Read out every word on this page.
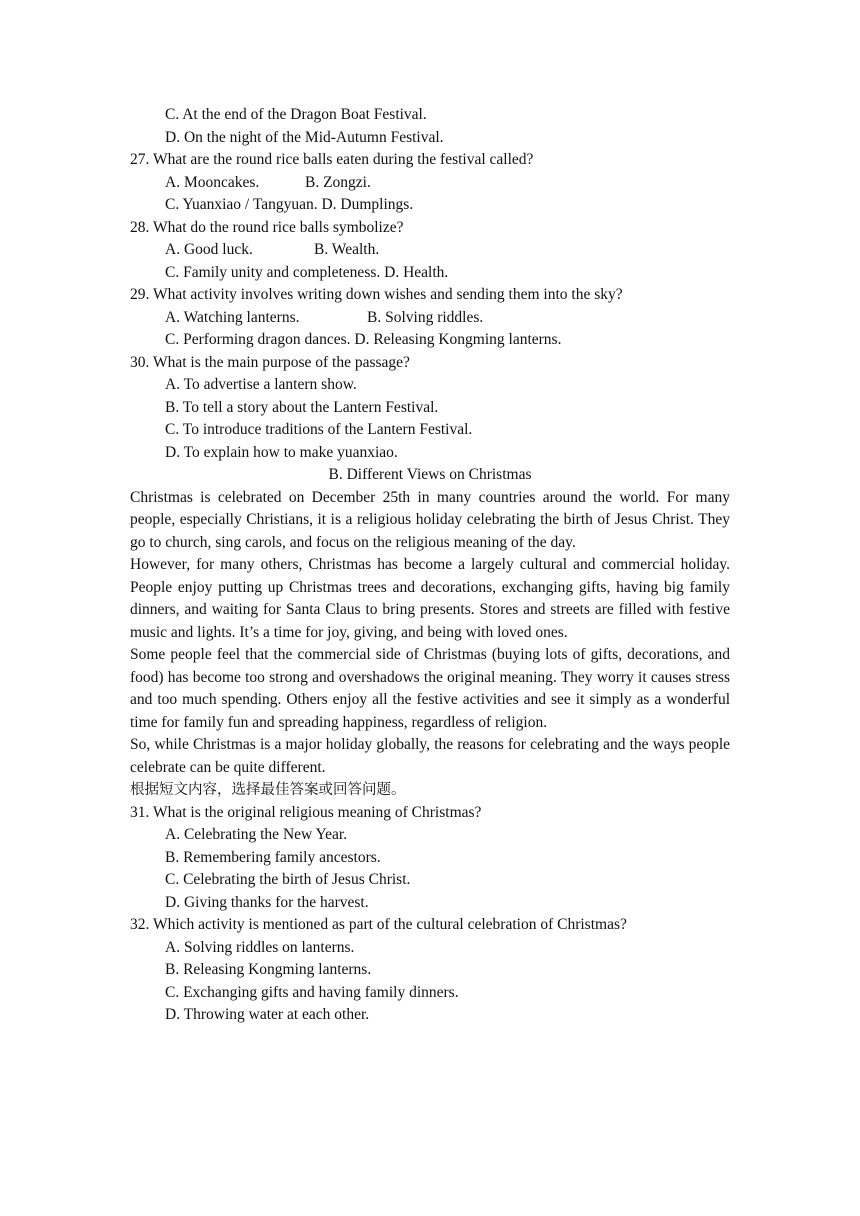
C. At the end of the Dragon Boat Festival.
D. On the night of the Mid-Autumn Festival.
27. What are the round rice balls eaten during the festival called?
A. Mooncakes.	B. Zongzi.
C. Yuanxiao / Tangyuan. D. Dumplings.
28. What do the round rice balls symbolize?
A. Good luck.	B. Wealth.
C. Family unity and completeness. D. Health.
29. What activity involves writing down wishes and sending them into the sky?
A. Watching lanterns.	B. Solving riddles.
C. Performing dragon dances. D. Releasing Kongming lanterns.
30. What is the main purpose of the passage?
A. To advertise a lantern show.
B. To tell a story about the Lantern Festival.
C. To introduce traditions of the Lantern Festival.
D. To explain how to make yuanxiao.
B. Different Views on Christmas
Christmas is celebrated on December 25th in many countries around the world. For many people, especially Christians, it is a religious holiday celebrating the birth of Jesus Christ. They go to church, sing carols, and focus on the religious meaning of the day.
However, for many others, Christmas has become a largely cultural and commercial holiday. People enjoy putting up Christmas trees and decorations, exchanging gifts, having big family dinners, and waiting for Santa Claus to bring presents. Stores and streets are filled with festive music and lights. It’s a time for joy, giving, and being with loved ones.
Some people feel that the commercial side of Christmas (buying lots of gifts, decorations, and food) has become too strong and overshadows the original meaning. They worry it causes stress and too much spending. Others enjoy all the festive activities and see it simply as a wonderful time for family fun and spreading happiness, regardless of religion.
So, while Christmas is a major holiday globally, the reasons for celebrating and the ways people celebrate can be quite different.
根据短文内容，选择最佳答案或回答问题。
31. What is the original religious meaning of Christmas?
A. Celebrating the New Year.
B. Remembering family ancestors.
C. Celebrating the birth of Jesus Christ.
D. Giving thanks for the harvest.
32. Which activity is mentioned as part of the cultural celebration of Christmas?
A. Solving riddles on lanterns.
B. Releasing Kongming lanterns.
C. Exchanging gifts and having family dinners.
D. Throwing water at each other.
